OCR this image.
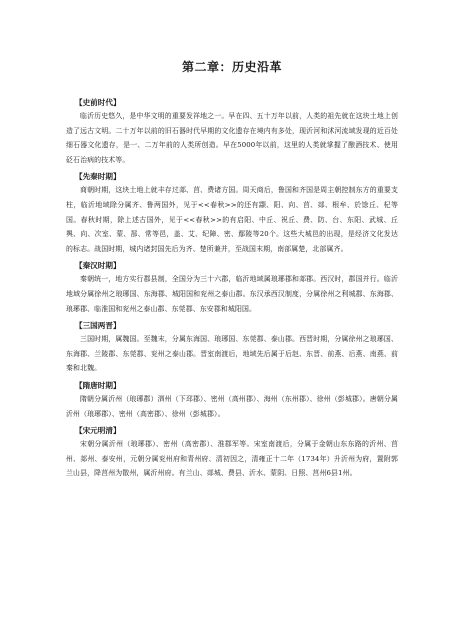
第二章：历史沿革

【史前时代】

临沂历史悠久，是中华文明的重要发祥地之一。早在四、五十万年以前，人类的祖先就在这块土地上创造了远古文明。二十万年以前的旧石器时代早期的文化遗存在境内有多处，现沂河和沭河流域发现的近百处细石器文化遗存，是一、二万年前的人类所创造。早在5000年以前，这里的人类就掌握了酿酒技术、使用砭石治病的技术等。

【先秦时期】

商朝时期，这块土地上就丰存过郯、莒、费诸方国。周天商后，鲁国和齐国是周主朝控制东方的重要支柱，临沂地域除分属齐、鲁两国外，见于<<春秋>>的还有颛、阳、向、莒、郯、根牟、於馀丘、杞等国。春秋时期，除上述古国外，见于<<春秋>>的有启阳、中丘、祝丘、费、防、台、东阳、武城、丘舆、向、次室、蒙、郚、常等邑，盖、艾、纪障、密、鄢陵等20个。这些大城邑的出现，是经济文化发达的标志。战国时期，城内诸封国先后为齐、楚所兼并，至战国末期，南部属楚，北部属齐。

【秦汉时期】

秦朝统一，地方实行郡县制，全国分为三十六郡，临沂地域属琅琊郡和郯郡。西汉时，郡国并行。临沂地域分属徐州之琅琊国、东海郡、城阳国和兖州之泰山郡。东汉承西汉制度，分属徐州之利城郡、东海郡、琅琊郡、临淮国和兖州之泰山郡、东莞郡、东安郡和城阳国。

【三国两晋】

三国时期，属魏国。至魏末，分属东海国、琅琊国、东莞郡、泰山郡。西晋时期，分属徐州之琅琊国、东海郡、兰陵郡、东莞郡、兖州之泰山郡。晋室南渡后，地域先后属于后赵、东晋、前燕、后燕、南燕、前秦和北魏。

【隋唐时期】

隋朝分属沂州（琅琊郡）泗州（下邳郡）、密州（高州郡）、海州（东州郡）、徐州（彭城郡）。唐朝分属沂州（琅琊郡）、密州（高密郡）、徐州（彭城郡）。

【宋元明清】

宋朝分属沂州（琅琊郡）、密州（高密郡）、淮郡军等。宋室南渡后，分属于金朝山东东路的沂州、莒州、郯州、泰安州，元朝分属兖州府和青州府、清初因之，清雍正十二年（1734年）升沂州为府，置附郭兰山县，降莒州为散州，属沂州府。有兰山、郯城、费县、沂水、蒙阴、日照、莒州6县1州。
